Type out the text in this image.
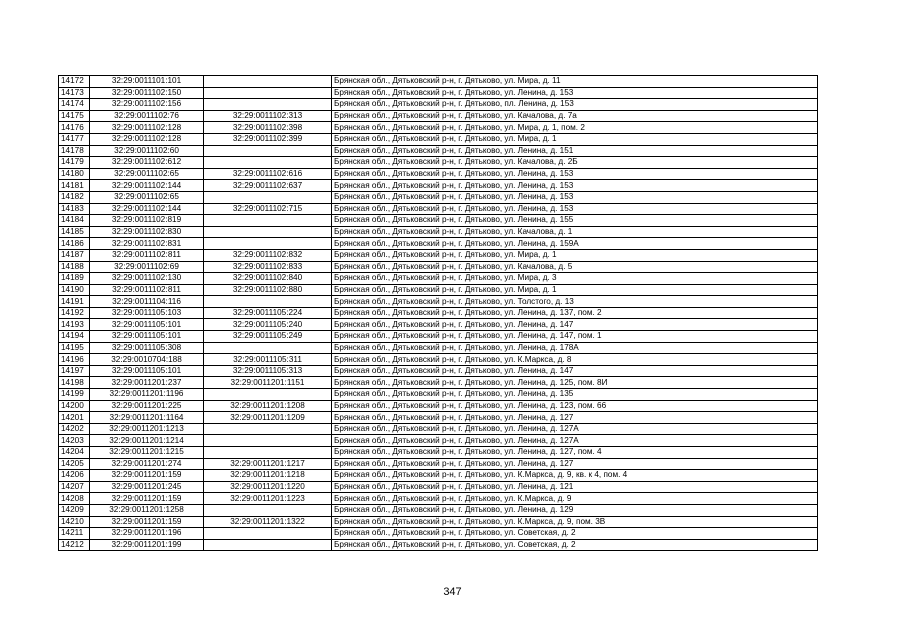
14172	32:29:0011101:101		Брянская обл., Дятьковский р-н, г. Дятьково, ул. Мира, д. 11
14173	32:29:0011102:150		Брянская обл., Дятьковский р-н, г. Дятьково, ул. Ленина, д. 153
14174	32:29:0011102:156		Брянская обл., Дятьковский р-н, г. Дятьково, пл. Ленина, д. 153
14175	32:29:0011102:76	32:29:0011102:313	Брянская обл., Дятьковский р-н, г. Дятьково, ул. Качалова, д. 7а
14176	32:29:0011102:128	32:29:0011102:398	Брянская обл., Дятьковский р-н, г. Дятьково, ул. Мира, д. 1, пом. 2
14177	32:29:0011102:128	32:29:0011102:399	Брянская обл., Дятьковский р-н, г. Дятьково, ул. Мира, д. 1
14178	32:29:0011102:60		Брянская обл., Дятьковский р-н, г. Дятьково, ул. Ленина, д. 151
14179	32:29:0011102:612		Брянская обл., Дятьковский р-н, г. Дятьково, ул. Качалова, д. 2Б
14180	32:29:0011102:65	32:29:0011102:616	Брянская обл., Дятьковский р-н, г. Дятьково, ул. Ленина, д. 153
14181	32:29:0011102:144	32:29:0011102:637	Брянская обл., Дятьковский р-н, г. Дятьково, ул. Ленина, д. 153
14182	32:29:0011102:65		Брянская обл., Дятьковский р-н, г. Дятьково, ул. Ленина, д. 153
14183	32:29:0011102:144	32:29:0011102:715	Брянская обл., Дятьковский р-н, г. Дятьково, ул. Ленина, д. 153
14184	32:29:0011102:819		Брянская обл., Дятьковский р-н, г. Дятьково, ул. Ленина, д. 155
14185	32:29:0011102:830		Брянская обл., Дятьковский р-н, г. Дятьково, ул. Качалова, д. 1
14186	32:29:0011102:831		Брянская обл., Дятьковский р-н, г. Дятьково, ул. Ленина, д. 159А
14187	32:29:0011102:811	32:29:0011102:832	Брянская обл., Дятьковский р-н, г. Дятьково, ул. Мира, д. 1
14188	32:29:0011102:69	32:29:0011102:833	Брянская обл., Дятьковский р-н, г. Дятьково, ул. Качалова, д. 5
14189	32:29:0011102:130	32:29:0011102:840	Брянская обл., Дятьковский р-н, г. Дятьково, ул. Мира, д. 3
14190	32:29:0011102:811	32:29:0011102:880	Брянская обл., Дятьковский р-н, г. Дятьково, ул. Мира, д. 1
14191	32:29:0011104:116		Брянская обл., Дятьковский р-н, г. Дятьково, ул. Толстого, д. 13
14192	32:29:0011105:103	32:29:0011105:224	Брянская обл., Дятьковский р-н, г. Дятьково, ул. Ленина, д. 137, пом. 2
14193	32:29:0011105:101	32:29:0011105:240	Брянская обл., Дятьковский р-н, г. Дятьково, ул. Ленина, д. 147
14194	32:29:0011105:101	32:29:0011105:249	Брянская обл., Дятьковский р-н, г. Дятьково, ул. Ленина, д. 147, пом. 1
14195	32:29:0011105:308		Брянская обл., Дятьковский р-н, г. Дятьково, ул. Ленина, д. 178А
14196	32:29:0010704:188	32:29:0011105:311	Брянская обл., Дятьковский р-н, г. Дятьково, ул. К.Маркса, д. 8
14197	32:29:0011105:101	32:29:0011105:313	Брянская обл., Дятьковский р-н, г. Дятьково, ул. Ленина, д. 147
14198	32:29:0011201:237	32:29:0011201:1151	Брянская обл., Дятьковский р-н, г. Дятьково, ул. Ленина, д. 125, пом. 8И
14199	32:29:0011201:1196		Брянская обл., Дятьковский р-н, г. Дятьково, ул. Ленина, д. 135
14200	32:29:0011201:225	32:29:0011201:1208	Брянская обл., Дятьковский р-н, г. Дятьково, ул. Ленина, д. 123, пом. 66
14201	32:29:0011201:1164	32:29:0011201:1209	Брянская обл., Дятьковский р-н, г. Дятьково, ул. Ленина, д. 127
14202	32:29:0011201:1213		Брянская обл., Дятьковский р-н, г. Дятьково, ул. Ленина, д. 127А
14203	32:29:0011201:1214		Брянская обл., Дятьковский р-н, г. Дятьково, ул. Ленина, д. 127А
14204	32:29:0011201:1215		Брянская обл., Дятьковский р-н, г. Дятьково, ул. Ленина, д. 127, пом. 4
14205	32:29:0011201:274	32:29:0011201:1217	Брянская обл., Дятьковский р-н, г. Дятьково, ул. Ленина, д. 127
14206	32:29:0011201:159	32:29:0011201:1218	Брянская обл., Дятьковский р-н, г. Дятьково, ул. К.Маркса, д. 9, кв. к 4, пом. 4
14207	32:29:0011201:245	32:29:0011201:1220	Брянская обл., Дятьковский р-н, г. Дятьково, ул. Ленина, д. 121
14208	32:29:0011201:159	32:29:0011201:1223	Брянская обл., Дятьковский р-н, г. Дятьково, ул. К.Маркса, д. 9
14209	32:29:0011201:1258		Брянская обл., Дятьковский р-н, г. Дятьково, ул. Ленина, д. 129
14210	32:29:0011201:159	32:29:0011201:1322	Брянская обл., Дятьковский р-н, г. Дятьково, ул. К.Маркса, д. 9, пом. 3В
14211	32:29:0011201:196		Брянская обл., Дятьковский р-н, г. Дятьково, ул. Советская, д. 2
14212	32:29:0011201:199		Брянская обл., Дятьковский р-н, г. Дятьково, ул. Советская, д. 2
347
